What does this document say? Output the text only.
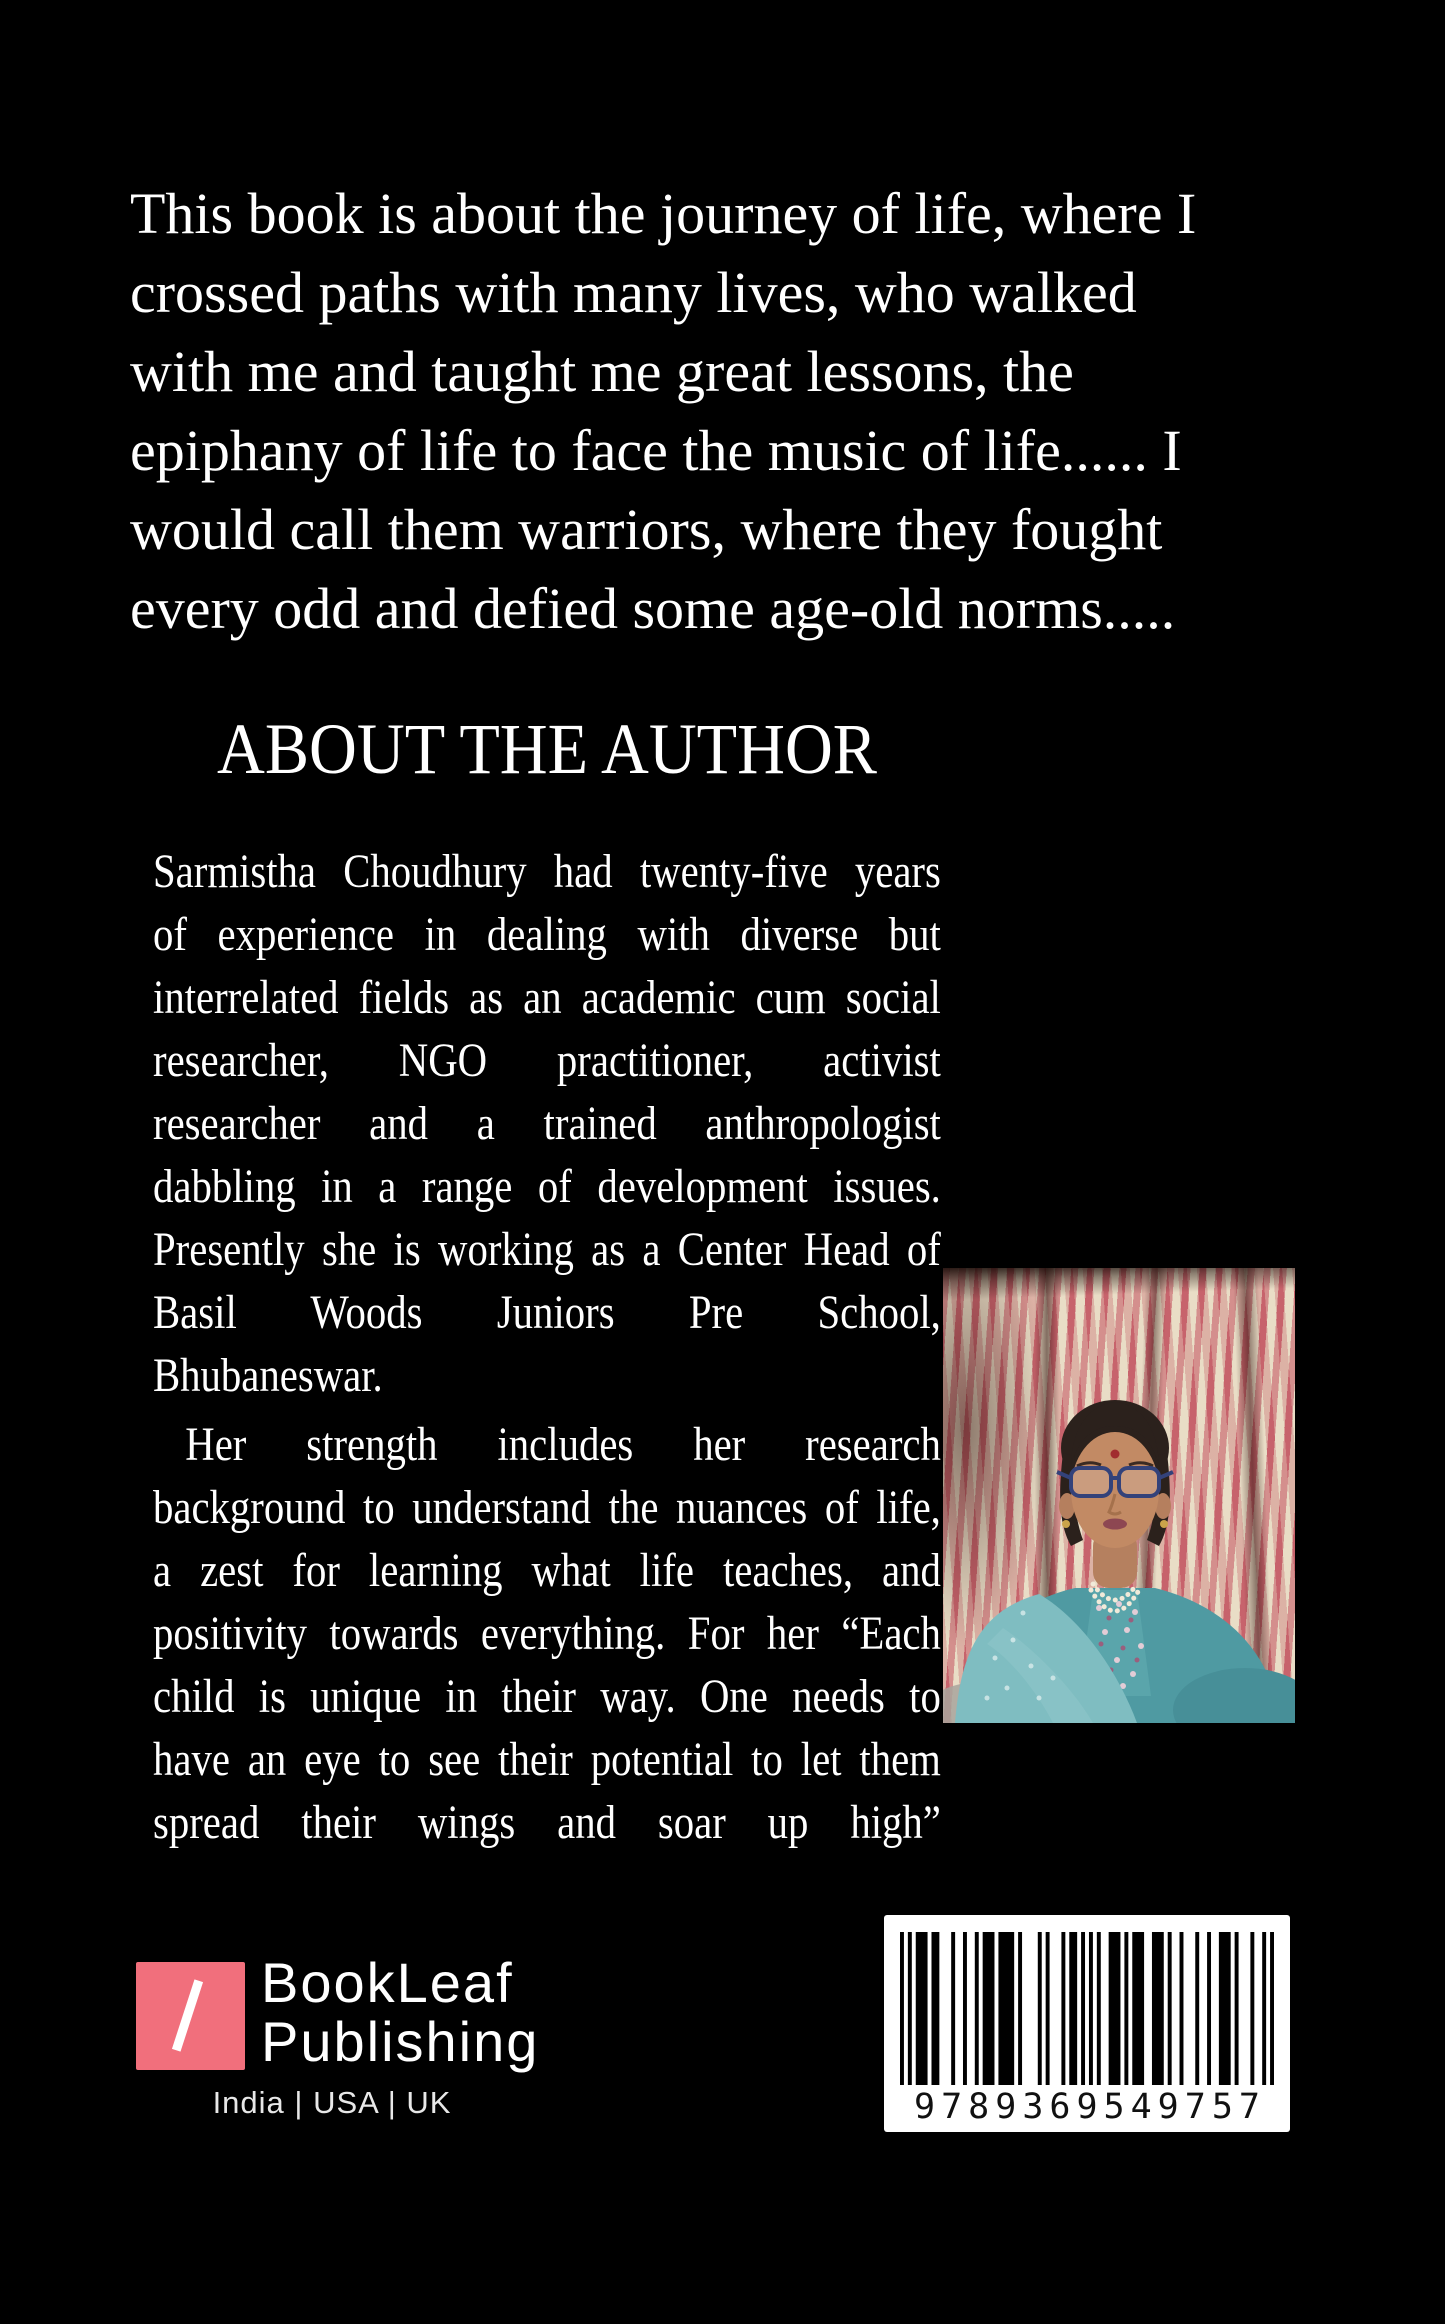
This book is about the journey of life, where I
crossed paths with many lives, who walked
with me and taught me great lessons, the
epiphany of life to face the music of life...... I
would call them warriors, where they fought
every odd and defied some age-old norms.....
ABOUT THE AUTHOR
Sarmistha Choudhury had twenty-five years
of experience in dealing with diverse but
interrelated fields as an academic cum social
researcher, NGO practitioner, activist
researcher and a trained anthropologist
dabbling in a range of development issues.
Presently she is working as a Center Head of
Basil Woods Juniors Pre School,
Bhubaneswar.
Her strength includes her research
background to understand the nuances of life,
a zest for learning what life teaches, and
positivity towards everything. For her “Each
child is unique in their way. One needs to
have an eye to see their potential to let them
spread their wings and soar up high”
BookLeaf
Publishing
India | USA | UK	9789369549757
